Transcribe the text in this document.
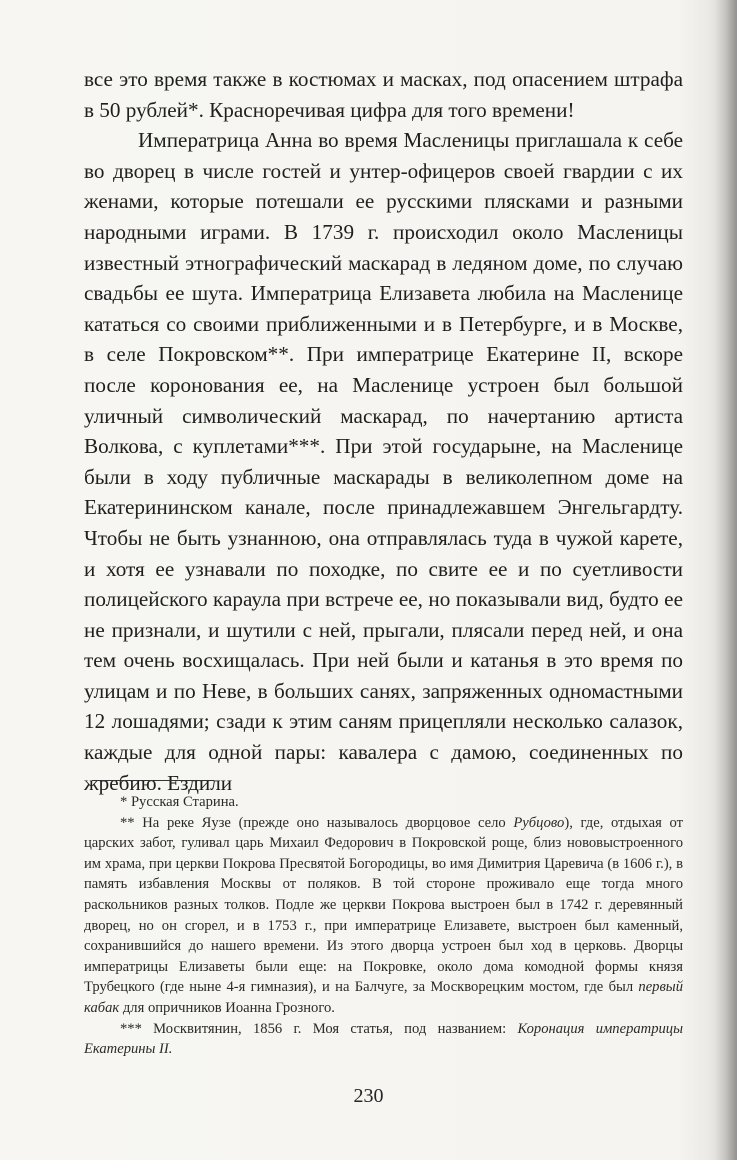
все это время также в костюмах и масках, под опасением штрафа в 50 рублей*. Красноречивая цифра для того времени!

Императрица Анна во время Масленицы приглашала к себе во дворец в числе гостей и унтер-офицеров своей гвардии с их женами, которые потешали ее русскими плясками и разными народными играми. В 1739 г. происходил около Масленицы известный этнографический маскарад в ледяном доме, по случаю свадьбы ее шута. Императрица Елизавета любила на Масленице кататься со своими приближенными и в Петербурге, и в Москве, в селе Покровском**. При императрице Екатерине II, вскоре после коронования ее, на Масленице устроен был большой уличный символический маскарад, по начертанию артиста Волкова, с куплетами***. При этой государыне, на Масленице были в ходу публичные маскарады в великолепном доме на Екатерининском канале, после принадлежавшем Энгельгардту. Чтобы не быть узнанною, она отправлялась туда в чужой карете, и хотя ее узнавали по походке, по свите ее и по суетливости полицейского караула при встрече ее, но показывали вид, будто ее не признали, и шутили с ней, прыгали, плясали перед ней, и она тем очень восхищалась. При ней были и катанья в это время по улицам и по Неве, в больших санях, запряженных одномастными 12 лошадями; сзади к этим саням прицепляли несколько салазок, каждые для одной пары: кавалера с дамою, соединенных по жребию. Ездили

* Русская Старина.

** На реке Яузе (прежде оно называлось дворцовое село Рубцово), где, отдыхая от царских забот, гуливал царь Михаил Федорович в Покровской роще, близ нововыстроенного им храма, при церкви Покрова Пресвятой Богородицы, во имя Димитрия Царевича (в 1606 г.), в память избавления Москвы от поляков. В той стороне проживало еще тогда много раскольников разных толков. Подле же церкви Покрова выстроен был в 1742 г. деревянный дворец, но он сгорел, и в 1753 г., при императрице Елизавете, выстроен был каменный, сохранившийся до нашего времени. Из этого дворца устроен был ход в церковь. Дворцы императрицы Елизаветы были еще: на Покровке, около дома комодной формы князя Трубецкого (где ныне 4-я гимназия), и на Балчуге, за Москворецким мостом, где был первый кабак для опричников Иоанна Грозного.

*** Москвитянин, 1856 г. Моя статья, под названием: Коронация императрицы Екатерины II.

230
